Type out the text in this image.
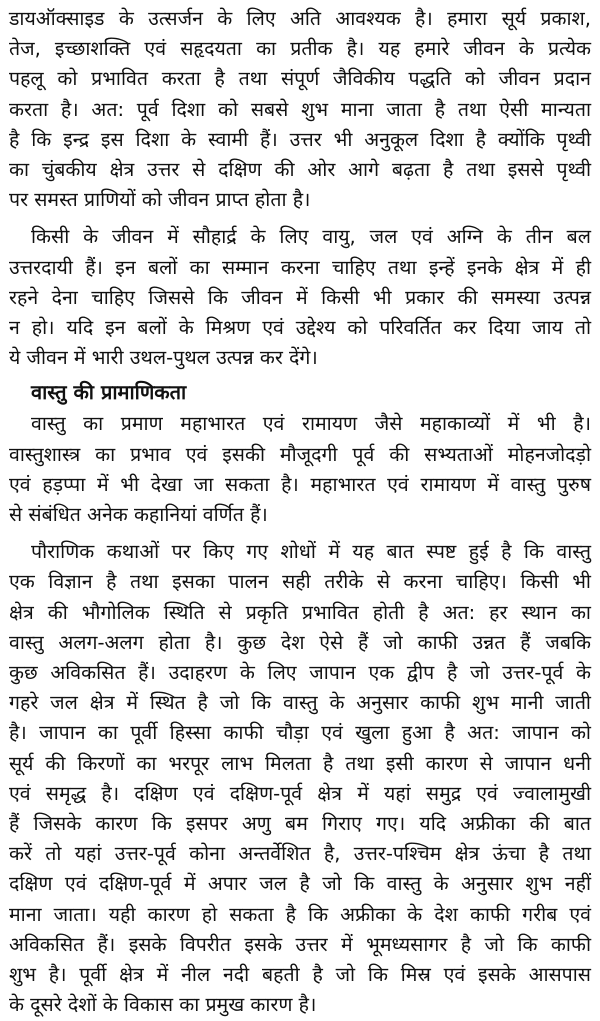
डायऑक्साइड के उत्सर्जन के लिए अति आवश्यक है। हमारा सूर्य प्रकाश,
तेज, इच्छाशक्ति एवं सहृदयता का प्रतीक है। यह हमारे जीवन के प्रत्येक
पहलू को प्रभावित करता है तथा संपूर्ण जैविकीय पद्धति को जीवन प्रदान
करता है। अत: पूर्व दिशा को सबसे शुभ माना जाता है तथा ऐसी मान्यता
है कि इन्द्र इस दिशा के स्वामी हैं। उत्तर भी अनुकूल दिशा है क्योंकि पृथ्वी
का चुंबकीय क्षेत्र उत्तर से दक्षिण की ओर आगे बढ़ता है तथा इससे पृथ्वी
पर समस्त प्राणियों को जीवन प्राप्त होता है।

किसी के जीवन में सौहार्द्र के लिए वायु, जल एवं अग्नि के तीन बल
उत्तरदायी हैं। इन बलों का सम्मान करना चाहिए तथा इन्हें इनके क्षेत्र में ही
रहने देना चाहिए जिससे कि जीवन में किसी भी प्रकार की समस्या उत्पन्न
न हो। यदि इन बलों के मिश्रण एवं उद्देश्य को परिवर्तित कर दिया जाय तो
ये जीवन में भारी उथल-पुथल उत्पन्न कर देंगे।

वास्तु की प्रामाणिकता

वास्तु का प्रमाण महाभारत एवं रामायण जैसे महाकाव्यों में भी है।
वास्तुशास्त्र का प्रभाव एवं इसकी मौजूदगी पूर्व की सभ्यताओं मोहनजोदड़ो
एवं हड़प्पा में भी देखा जा सकता है। महाभारत एवं रामायण में वास्तु पुरुष
से संबंधित अनेक कहानियां वर्णित हैं।

पौराणिक कथाओं पर किए गए शोधों में यह बात स्पष्ट हुई है कि वास्तु
एक विज्ञान है तथा इसका पालन सही तरीके से करना चाहिए। किसी भी
क्षेत्र की भौगोलिक स्थिति से प्रकृति प्रभावित होती है अत: हर स्थान का
वास्तु अलग-अलग होता है। कुछ देश ऐसे हैं जो काफी उन्नत हैं जबकि
कुछ अविकसित हैं। उदाहरण के लिए जापान एक द्वीप है जो उत्तर-पूर्व के
गहरे जल क्षेत्र में स्थित है जो कि वास्तु के अनुसार काफी शुभ मानी जाती
है। जापान का पूर्वी हिस्सा काफी चौड़ा एवं खुला हुआ है अत: जापान को
सूर्य की किरणों का भरपूर लाभ मिलता है तथा इसी कारण से जापान धनी
एवं समृद्ध है। दक्षिण एवं दक्षिण-पूर्व क्षेत्र में यहां समुद्र एवं ज्वालामुखी
हैं जिसके कारण कि इसपर अणु बम गिराए गए। यदि अफ्रीका की बात
करें तो यहां उत्तर-पूर्व कोना अन्तर्वेशित है, उत्तर-पश्चिम क्षेत्र ऊंचा है तथा
दक्षिण एवं दक्षिण-पूर्व में अपार जल है जो कि वास्तु के अनुसार शुभ नहीं
माना जाता। यही कारण हो सकता है कि अफ्रीका के देश काफी गरीब एवं
अविकसित हैं। इसके विपरीत इसके उत्तर में भूमध्यसागर है जो कि काफी
शुभ है। पूर्वी क्षेत्र में नील नदी बहती है जो कि मिस्र एवं इसके आसपास
के दूसरे देशों के विकास का प्रमुख कारण है।
